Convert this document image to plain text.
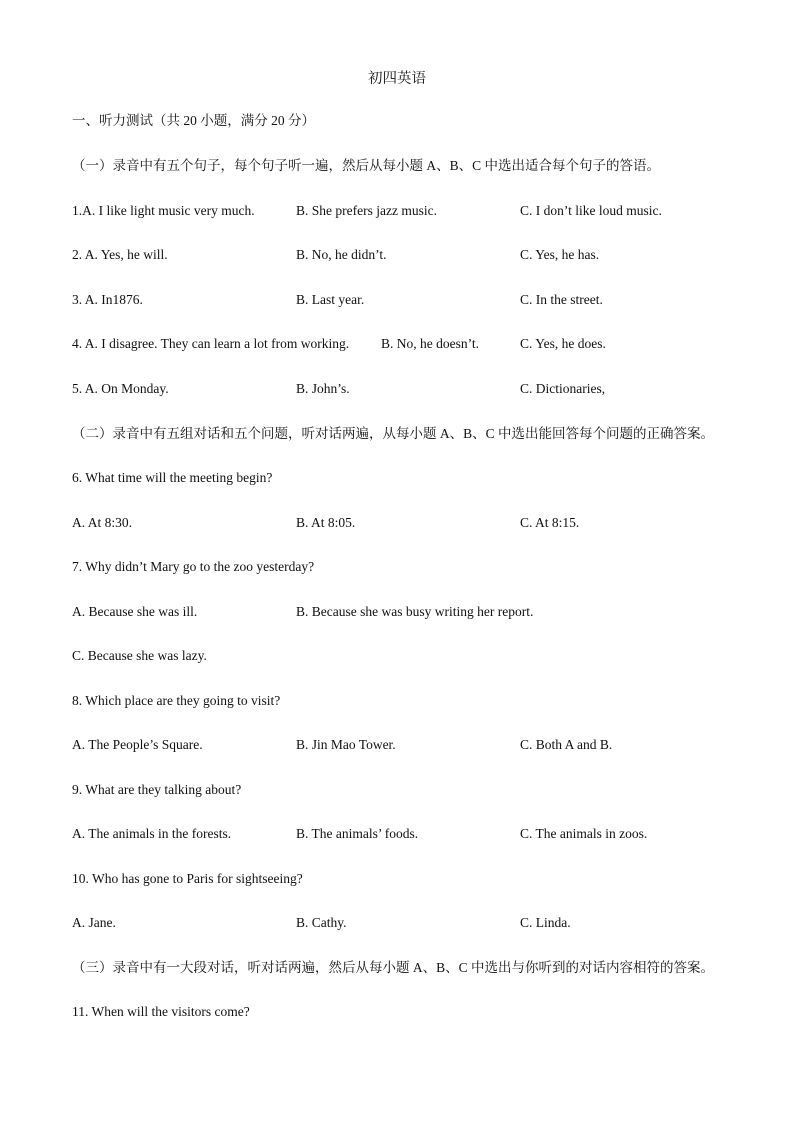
初四英语
一、听力测试（共 20 小题，满分 20 分）
（一）录音中有五个句子，每个句子听一遍，然后从每小题 A、B、C 中选出适合每个句子的答语。
1.A. I like light music very much.	B. She prefers jazz music.	C. I don’t like loud music.
2. A. Yes, he will.	B. No, he didn’t.	C. Yes, he has.
3. A. In1876.	B. Last year.	C. In the street.
4. A. I disagree. They can learn a lot from working. B. No, he doesn’t.	C. Yes, he does.
5. A. On Monday.	B. John’s.	C. Dictionaries,
（二）录音中有五组对话和五个问题，听对话两遍，从每小题 A、B、C 中选出能回答每个问题的正确答案。
6. What time will the meeting begin?
A. At 8:30.	B. At 8:05.	C. At 8:15.
7. Why didn’t Mary go to the zoo yesterday?
A. Because she was ill.	B. Because she was busy writing her report.
C. Because she was lazy.
8. Which place are they going to visit?
A. The People’s Square.	B. Jin Mao Tower.	C. Both A and B.
9. What are they talking about?
A. The animals in the forests.	B. The animals’ foods.	C. The animals in zoos.
10. Who has gone to Paris for sightseeing?
A. Jane.	B. Cathy.	C. Linda.
（三）录音中有一大段对话，听对话两遍，然后从每小题 A、B、C 中选出与你听到的对话内容相符的答案。
11. When will the visitors come?
